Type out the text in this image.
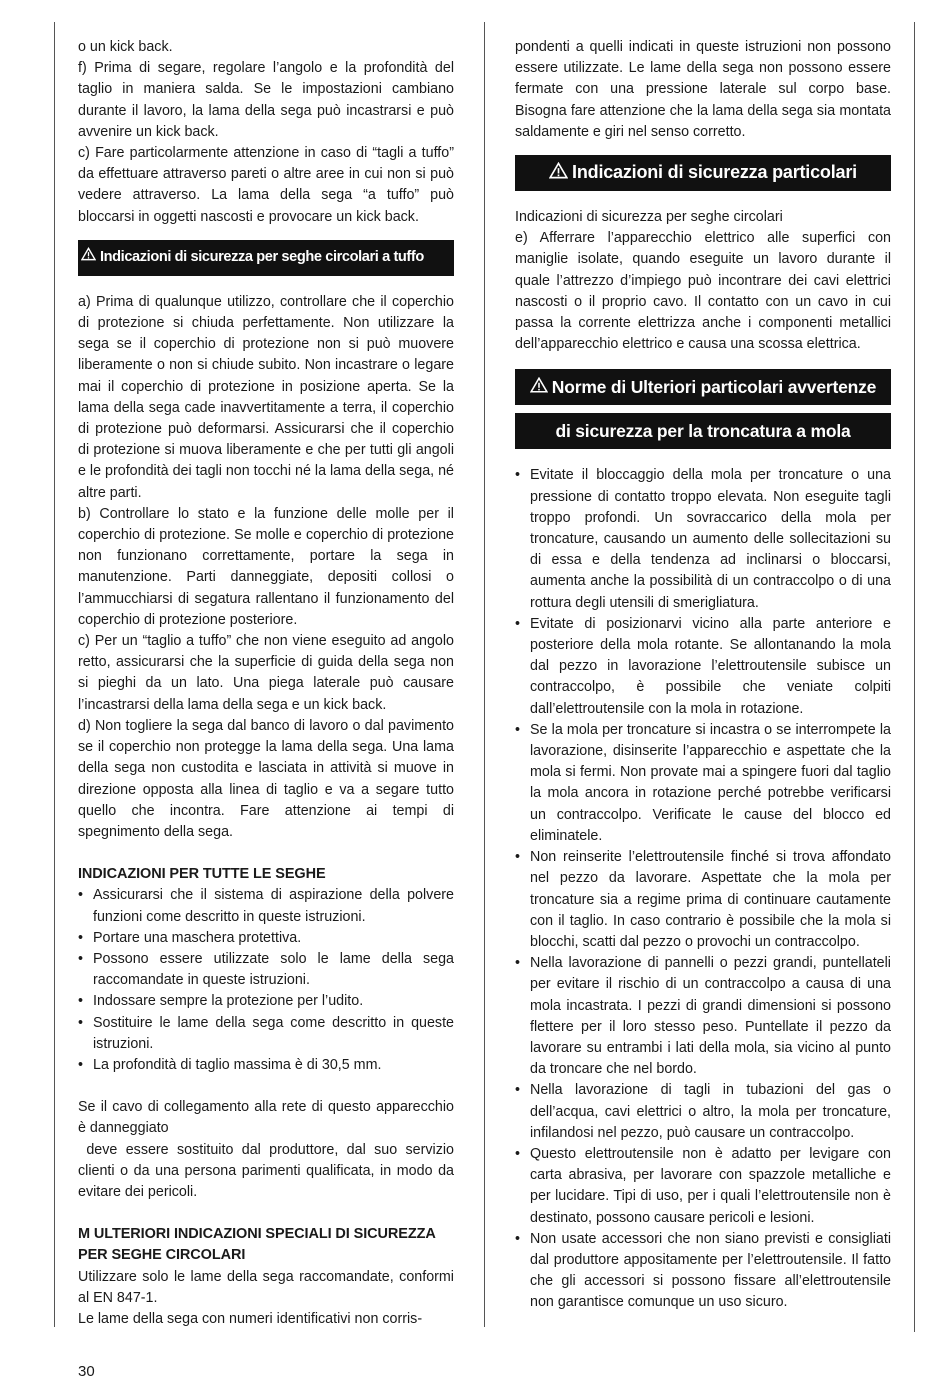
o un kick back.

f) Prima di segare, regolare l’angolo e la profondità del taglio in maniera salda. Se le impostazioni cambiano durante il lavoro, la lama della sega può incastrarsi e può avvenire un kick back.

c) Fare particolarmente attenzione in caso di “tagli a tuffo” da effettuare attraverso pareti o altre aree in cui non si può vedere attraverso. La lama della sega “a tuffo” può bloccarsi in oggetti nascosti e provocare un kick back.

Indicazioni di sicurezza per seghe circolari a tuffo

a) Prima di qualunque utilizzo, controllare che il coperchio di protezione si chiuda perfettamente. Non utilizzare la sega se il coperchio di protezione non si può muovere liberamente o non si chiude subito. Non incastrare o legare mai il coperchio di protezione in posizione aperta. Se la lama della sega cade inavvertitamente a terra, il coperchio di protezione può deformarsi. Assicurarsi che il coperchio di protezione si muova liberamente e che per tutti gli angoli e le profondità dei tagli non tocchi né la lama della sega, né altre parti.

b) Controllare lo stato e la funzione delle molle per il coperchio di protezione. Se molle e coperchio di protezione non funzionano correttamente, portare la sega in manutenzione. Parti danneggiate, depositi collosi o l’ammucchiarsi di segatura rallentano il funzionamento del coperchio di protezione posteriore.

c) Per un “taglio a tuffo” che non viene eseguito ad angolo retto, assicurarsi che la superficie di guida della sega non si pieghi da un lato. Una piega laterale può causare l’incastrarsi della lama della sega e un kick back.

d) Non togliere la sega dal banco di lavoro o dal pavimento se il coperchio non protegge la lama della sega. Una lama della sega non custodita e lasciata in attività si muove in direzione opposta alla linea di taglio e va a segare tutto quello che incontra. Fare attenzione ai tempi di spegnimento della sega.

INDICAZIONI PER TUTTE LE SEGHE
• Assicurarsi che il sistema di aspirazione della polvere funzioni come descritto in queste istruzioni.
• Portare una maschera protettiva.
• Possono essere utilizzate solo le lame della sega raccomandate in queste istruzioni.
• Indossare sempre la protezione per l’udito.
• Sostituire le lame della sega come descritto in queste istruzioni.
• La profondità di taglio massima è di 30,5 mm.

Se il cavo di collegamento alla rete di questo apparecchio è danneggiato

deve essere sostituito dal produttore, dal suo servizio clienti o da una persona parimenti qualificata, in modo da evitare dei pericoli.

M ULTERIORI INDICAZIONI SPECIALI DI SICUREZZA PER SEGHE CIRCOLARI

Utilizzare solo le lame della sega raccomandate, conformi al EN 847-1.

Le lame della sega con numeri identificativi non corris-

pondenti a quelli indicati in queste istruzioni non possono essere utilizzate. Le lame della sega non possono essere fermate con una pressione laterale sul corpo base. Bisogna fare attenzione che la lama della sega sia montata saldamente e giri nel senso corretto.

Indicazioni di sicurezza particolari

Indicazioni di sicurezza per seghe circolari

e) Afferrare l’apparecchio elettrico alle superfici con maniglie isolate, quando eseguite un lavoro durante il quale l’attrezzo d’impiego può incontrare dei cavi elettrici nascosti o il proprio cavo. Il contatto con un cavo in cui passa la corrente elettrizza anche i componenti metallici dell’apparecchio elettrico e causa una scossa elettrica.

Norme di Ulteriori particolari avvertenze
di sicurezza per la troncatura a mola
• Evitate il bloccaggio della mola per troncature o una pressione di contatto troppo elevata. Non eseguite tagli troppo profondi. Un sovraccarico della mola per troncature, causando un aumento delle sollecitazioni su di essa e della tendenza ad inclinarsi o bloccarsi, aumenta anche la possibilità di un contraccolpo o di una rottura degli utensili di smerigliatura.
• Evitate di posizionarvi vicino alla parte anteriore e posteriore della mola rotante. Se allontanando la mola dal pezzo in lavorazione l’elettroutensile subisce un contraccolpo, è possibile che veniate colpiti dall’elettroutensile con la mola in rotazione.
• Se la mola per troncature si incastra o se interrompete la lavorazione, disinserite l’apparecchio e aspettate che la mola si fermi. Non provate mai a spingere fuori dal taglio la mola ancora in rotazione perché potrebbe verificarsi un contraccolpo. Verificate le cause del blocco ed eliminatele.
• Non reinserite l’elettroutensile finché si trova affondato nel pezzo da lavorare. Aspettate che la mola per troncature sia a regime prima di continuare cautamente con il taglio. In caso contrario è possibile che la mola si blocchi, scatti dal pezzo o provochi un contraccolpo.
• Nella lavorazione di pannelli o pezzi grandi, puntellateli per evitare il rischio di un contraccolpo a causa di una mola incastrata. I pezzi di grandi dimensioni si possono flettere per il loro stesso peso. Puntellate il pezzo da lavorare su entrambi i lati della mola, sia vicino al punto da troncare che nel bordo.
• Nella lavorazione di tagli in tubazioni del gas o dell’acqua, cavi elettrici o altro, la mola per troncature, infilandosi nel pezzo, può causare un contraccolpo.
• Questo elettroutensile non è adatto per levigare con carta abrasiva, per lavorare con spazzole metalliche e per lucidare. Tipi di uso, per i quali l’elettroutensile non è destinato, possono causare pericoli e lesioni.
• Non usate accessori che non siano previsti e consigliati dal produttore appositamente per l’elettroutensile. Il fatto che gli accessori si possono fissare all’elettroutensile non garantisce comunque un uso sicuro.
30
